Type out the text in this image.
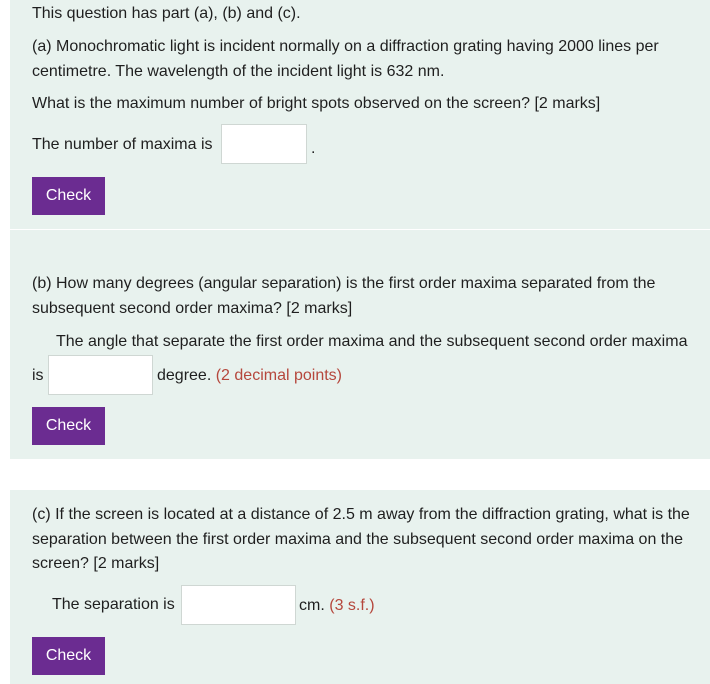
This question has part (a), (b) and (c).
(a) Monochromatic light is incident normally on a diffraction grating having 2000 lines per centimetre. The wavelength of the incident light is 632 nm.
What is the maximum number of bright spots observed on the screen? [2 marks]
The number of maxima is	.
Check
(b) How many degrees (angular separation) is the first order maxima separated from the subsequent second order maxima? [2 marks]
The angle that separate the first order maxima and the subsequent second order maxima
is	degree. (2 decimal points)
Check
(c) If the screen is located at a distance of 2.5 m away from the diffraction grating, what is the separation between the first order maxima and the subsequent second order maxima on the screen? [2 marks]
The separation is	cm. (3 s.f.)
Check
